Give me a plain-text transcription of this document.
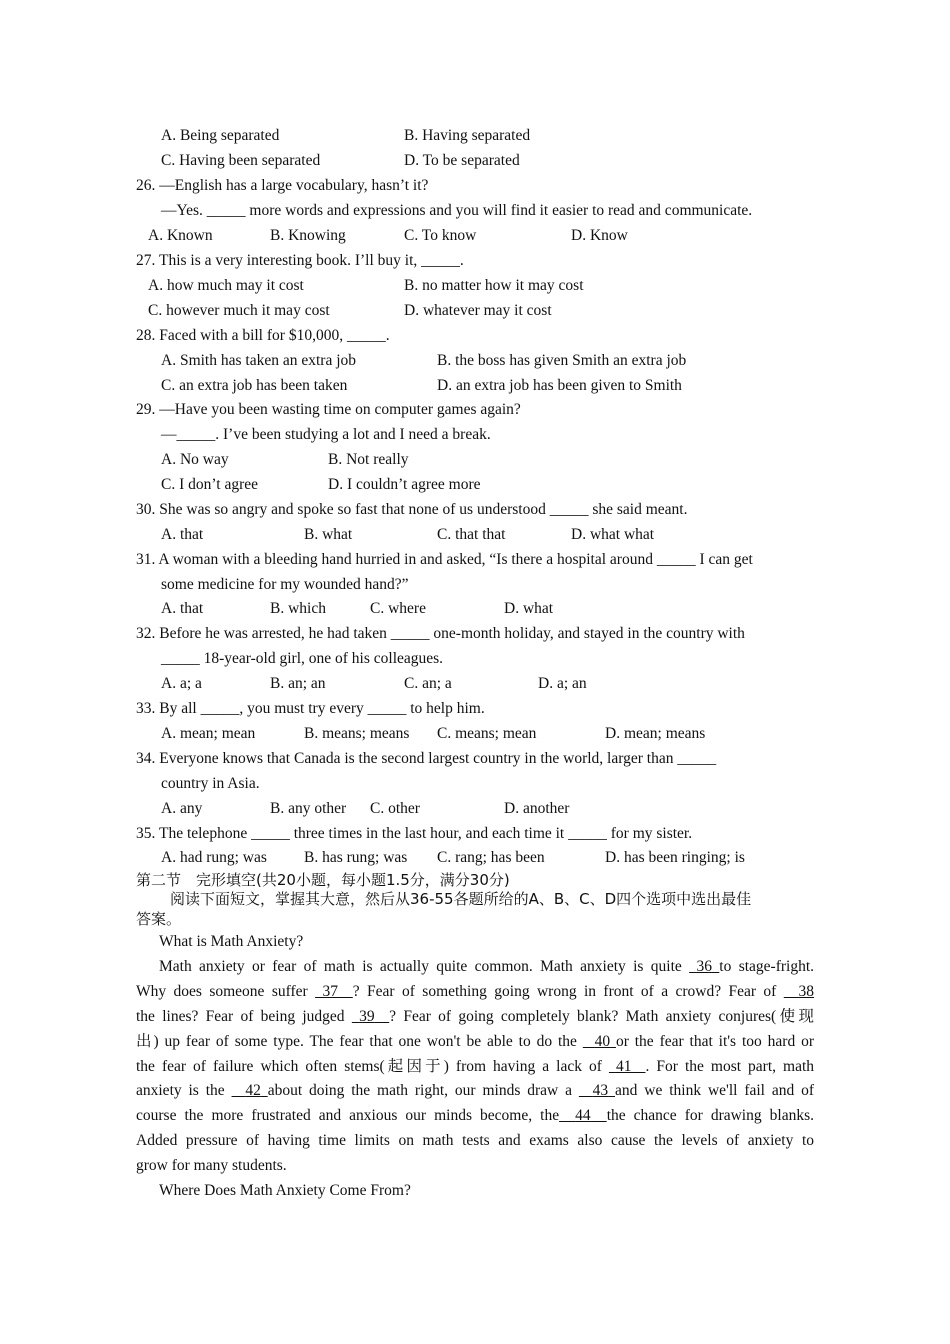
A. Being separated	B. Having separated
C. Having been separated	D. To be separated
26. —English has a large vocabulary, hasn’t it?
—Yes. _____ more words and expressions and you will find it easier to read and communicate.
A. Known	B. Knowing	C. To know	D. Know
27. This is a very interesting book. I’ll buy it, _____.
A. how much may it cost	B. no matter how it may cost
C. however much it may cost	D. whatever may it cost
28. Faced with a bill for $10,000, _____.
A. Smith has taken an extra job	B. the boss has given Smith an extra job
C. an extra job has been taken	D. an extra job has been given to Smith
29. —Have you been wasting time on computer games again?
—_____. I’ve been studying a lot and I need a break.
A. No way	B. Not really
C. I don’t agree	D. I couldn’t agree more
30. She was so angry and spoke so fast that none of us understood _____ she said meant.
A. that	B. what	C. that that	D. what what
31. A woman with a bleeding hand hurried in and asked, “Is there a hospital around _____ I can get
some medicine for my wounded hand?”
A. that	B. which	C. where	D. what
32. Before he was arrested, he had taken _____ one-month holiday, and stayed in the country with
_____ 18-year-old girl, one of his colleagues.
A. a; a	B. an; an	C. an; a	D. a; an
33. By all _____, you must try every _____ to help him.
A. mean; mean	B. means; means C. means; mean	D. mean; means
34. Everyone knows that Canada is the second largest country in the world, larger than _____
country in Asia.
A. any	B. any other C. other	D. another
35. The telephone _____ three times in the last hour, and each time it _____ for my sister.
A. had rung; was B. has rung; was C. rang; has been	D. has been ringing; is
第二节　完形填空(共20小题，每小题1.5分，满分30分)
阅读下面短文，掌握其大意，然后从36-55各题所给的A、B、C、D四个选项中选出最佳
答案。
What is Math Anxiety?
Math anxiety or fear of math is actually quite common. Math anxiety is quite  36 to stage-fright.
Why does someone suffer  37 ? Fear of something going wrong in front of a crowd? Fear of   38
the lines? Fear of being judged  39 ? Fear of going completely blank? Math anxiety conjures(使现
出) up fear of some type. The fear that one won't be able to do the   40 or the fear that it's too hard or
the fear of failure which often stems(起因于) from having a lack of  41 . For the most part, math
anxiety is the   42 about doing the math right, our minds draw a   43 and we think we'll fail and of
course the more frustrated and anxious our minds become, the 44 the chance for drawing blanks.
Added pressure of having time limits on math tests and exams also cause the levels of anxiety to
grow for many students.
Where Does Math Anxiety Come From?
